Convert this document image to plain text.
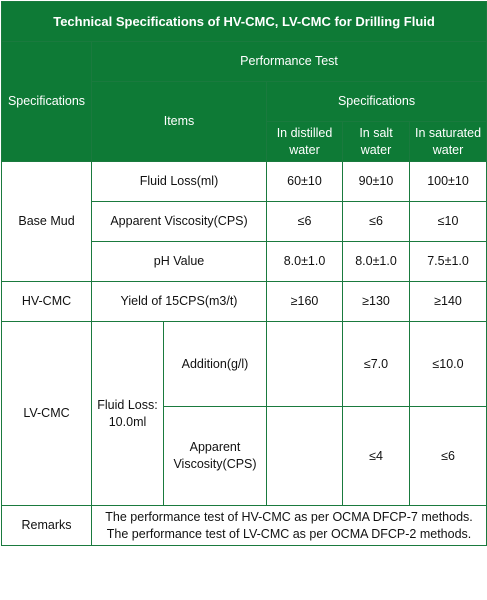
Technical Specifications of HV-CMC, LV-CMC for Drilling Fluid					
Specifications	Performance Test				
	Items		Specifications		
			In distilled water	In salt water	In saturated water
Base Mud	Fluid Loss(ml)		60±10	90±10	100±10
	Apparent Viscosity(CPS)		≤6	≤6	≤10
	pH Value		8.0±1.0	8.0±1.0	7.5±1.0
HV-CMC	Yield of 15CPS(m3/t)		≥160	≥130	≥140
LV-CMC	Fluid Loss: 10.0ml	Addition(g/l)		≤7.0	≤10.0
		Apparent Viscosity(CPS)		≤4	≤6
Remarks	The performance test of HV-CMC as per OCMA DFCP-7 methods. The performance test of LV-CMC as per OCMA DFCP-2 methods.				
